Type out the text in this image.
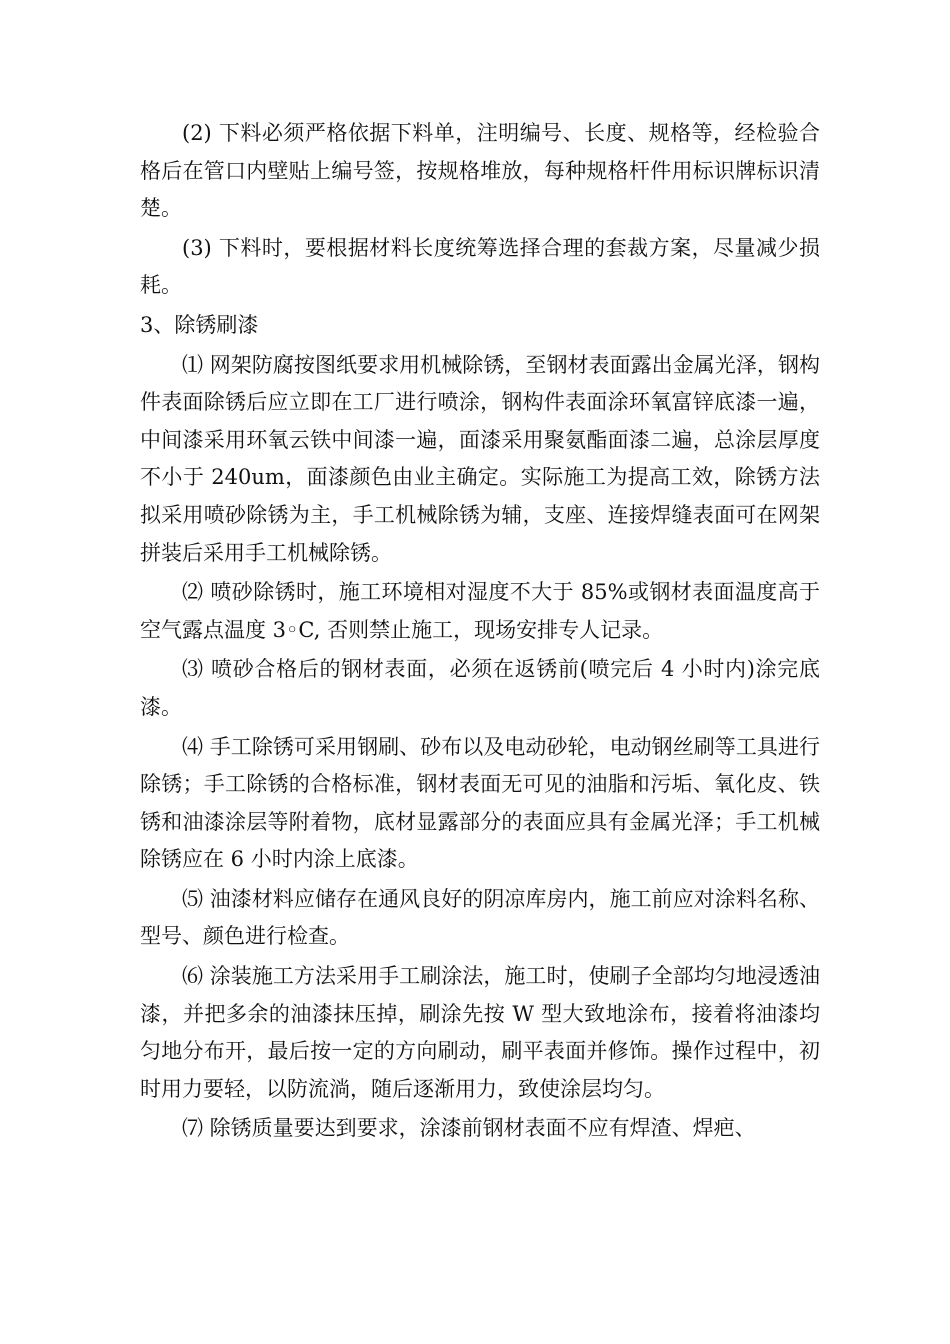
(2) 下料必须严格依据下料单，注明编号、长度、规格等，经检验合格后在管口内壁贴上编号签，按规格堆放，每种规格杆件用标识牌标识清楚。

(3) 下料时，要根据材料长度统筹选择合理的套裁方案，尽量减少损耗。

3、除锈刷漆

⑴ 网架防腐按图纸要求用机械除锈，至钢材表面露出金属光泽，钢构件表面除锈后应立即在工厂进行喷涂，钢构件表面涂环氧富锌底漆一遍，中间漆采用环氧云铁中间漆一遍，面漆采用聚氨酯面漆二遍，总涂层厚度不小于 240um，面漆颜色由业主确定。实际施工为提高工效，除锈方法拟采用喷砂除锈为主，手工机械除锈为辅，支座、连接焊缝表面可在网架拼装后采用手工机械除锈。

⑵ 喷砂除锈时，施工环境相对湿度不大于 85%或钢材表面温度高于空气露点温度 3◦C, 否则禁止施工，现场安排专人记录。

⑶ 喷砂合格后的钢材表面，必须在返锈前(喷完后 4 小时内)涂完底漆。

⑷ 手工除锈可采用钢刷、砂布以及电动砂轮，电动钢丝刷等工具进行除锈；手工除锈的合格标准，钢材表面无可见的油脂和污垢、氧化皮、铁锈和油漆涂层等附着物，底材显露部分的表面应具有金属光泽；手工机械除锈应在 6 小时内涂上底漆。

⑸ 油漆材料应储存在通风良好的阴凉库房内，施工前应对涂料名称、型号、颜色进行检查。

⑹ 涂装施工方法采用手工刷涂法，施工时，使刷子全部均匀地浸透油漆，并把多余的油漆抹压掉，刷涂先按 W 型大致地涂布，接着将油漆均匀地分布开，最后按一定的方向刷动，刷平表面并修饰。操作过程中，初时用力要轻，以防流淌，随后逐渐用力，致使涂层均匀。

⑺ 除锈质量要达到要求，涂漆前钢材表面不应有焊渣、焊疤、
